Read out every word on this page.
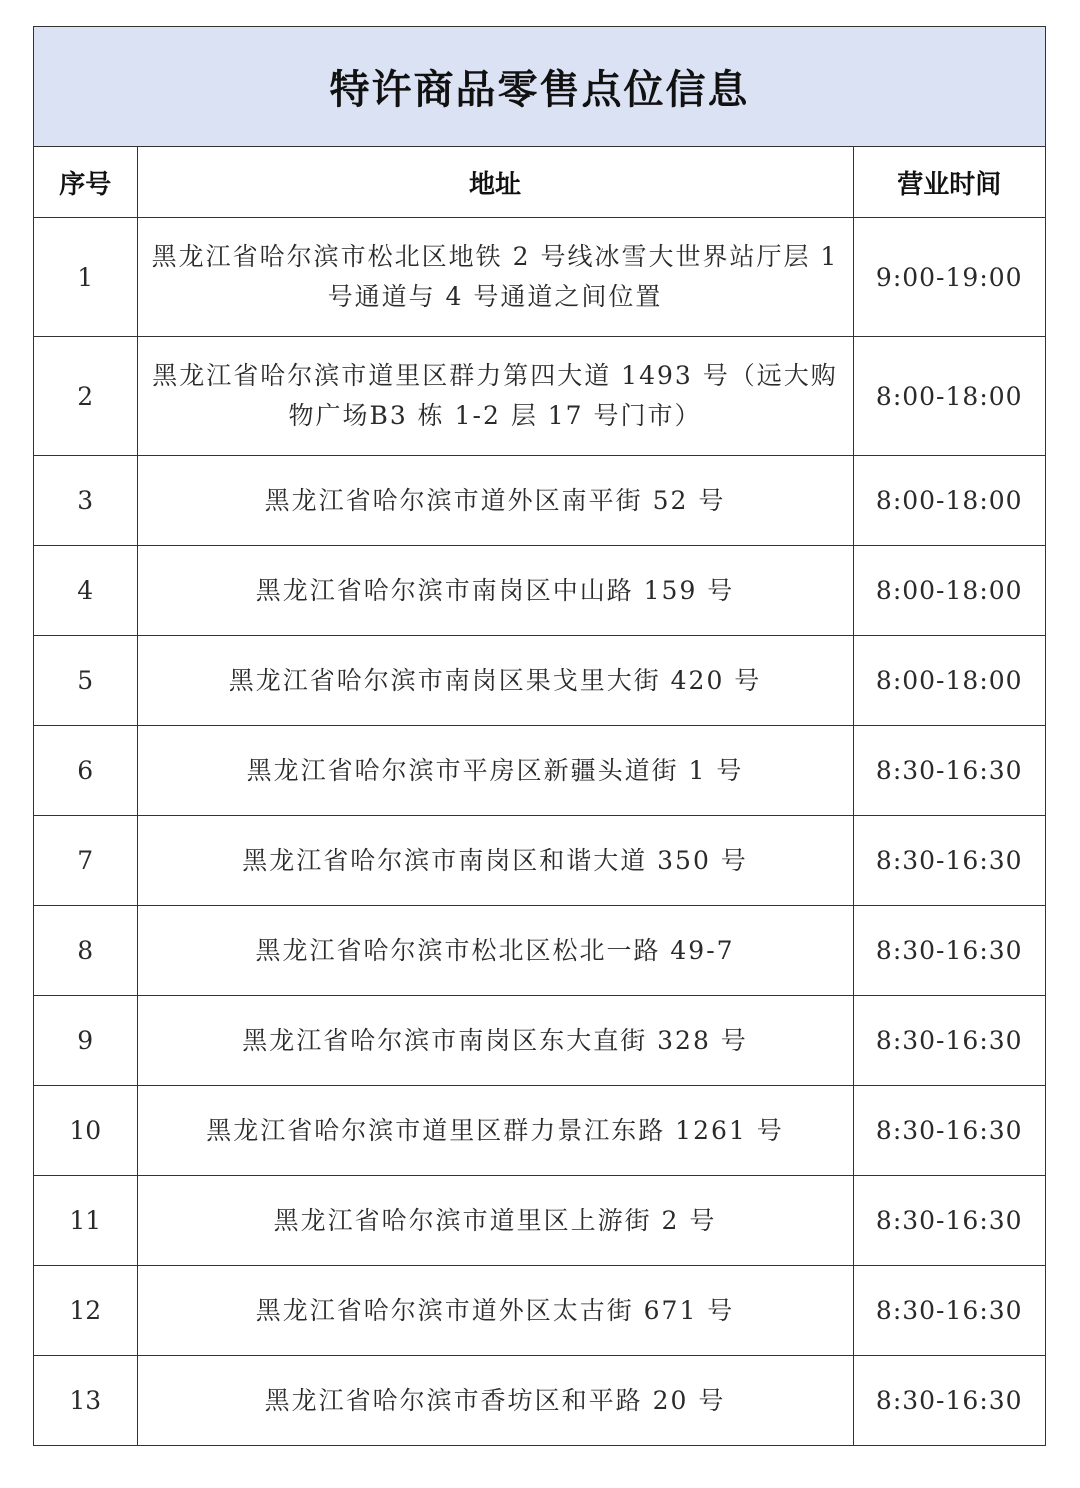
特许商品零售点位信息
序号	地址	营业时间
1	黑龙江省哈尔滨市松北区地铁 2 号线冰雪大世界站厅层 1 号通道与 4 号通道之间位置	9:00-19:00
2	黑龙江省哈尔滨市道里区群力第四大道 1493 号（远大购物广场B3 栋 1-2 层 17 号门市）	8:00-18:00
3	黑龙江省哈尔滨市道外区南平街 52 号	8:00-18:00
4	黑龙江省哈尔滨市南岗区中山路 159 号	8:00-18:00
5	黑龙江省哈尔滨市南岗区果戈里大街 420 号	8:00-18:00
6	黑龙江省哈尔滨市平房区新疆头道街 1 号	8:30-16:30
7	黑龙江省哈尔滨市南岗区和谐大道 350 号	8:30-16:30
8	黑龙江省哈尔滨市松北区松北一路 49-7	8:30-16:30
9	黑龙江省哈尔滨市南岗区东大直街 328 号	8:30-16:30
10	黑龙江省哈尔滨市道里区群力景江东路 1261 号	8:30-16:30
11	黑龙江省哈尔滨市道里区上游街 2 号	8:30-16:30
12	黑龙江省哈尔滨市道外区太古街 671 号	8:30-16:30
13	黑龙江省哈尔滨市香坊区和平路 20 号	8:30-16:30
